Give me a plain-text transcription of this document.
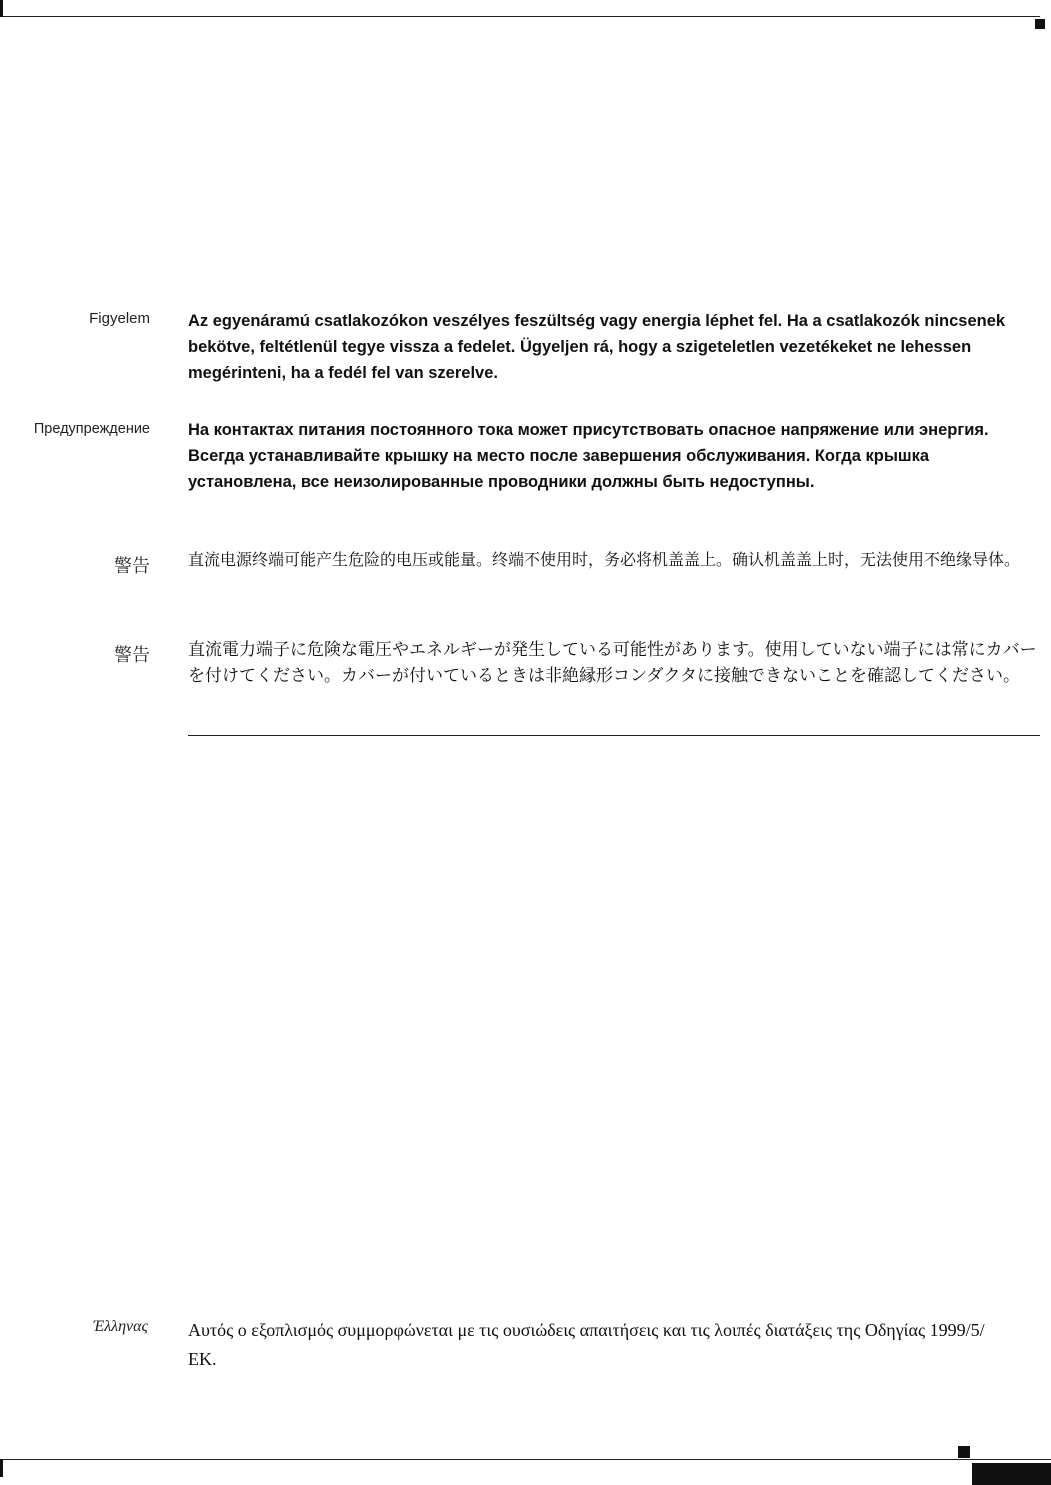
Figyelem Az egyenáramú csatlakozókon veszélyes feszültség vagy energia léphet fel. Ha a csatlakozók nincsenek bekötve, feltétlenül tegye vissza a fedelet. Ügyeljen rá, hogy a szigeteletlen vezetékeket ne lehessen megérinteni, ha a fedél fel van szerelve.
Предупреждение На контактах питания постоянного тока может присутствовать опасное напряжение или энергия. Всегда устанавливайте крышку на место после завершения обслуживания. Когда крышка установлена, все неизолированные проводники должны быть недоступны.
警告 直流电源终端可能产生危险的电压或能量。终端不使用时，务必将机盖盖上。确认机盖盖上时，无法使用不绝缘导体。
警告 直流電力端子に危険な電圧やエネルギーが発生している可能性があります。使用していない端子には常にカバーを付けてください。カバーが付いているときは非絶縁形コンダクタに接触できないことを確認してください。
Έλληνας Αυτός ο εξοπλισμός συμμορφώνεται με τις ουσιώδεις απαιτήσεις και τις λοιπές διατάξεις της Οδηγίας 1999/5/ΕΚ.
